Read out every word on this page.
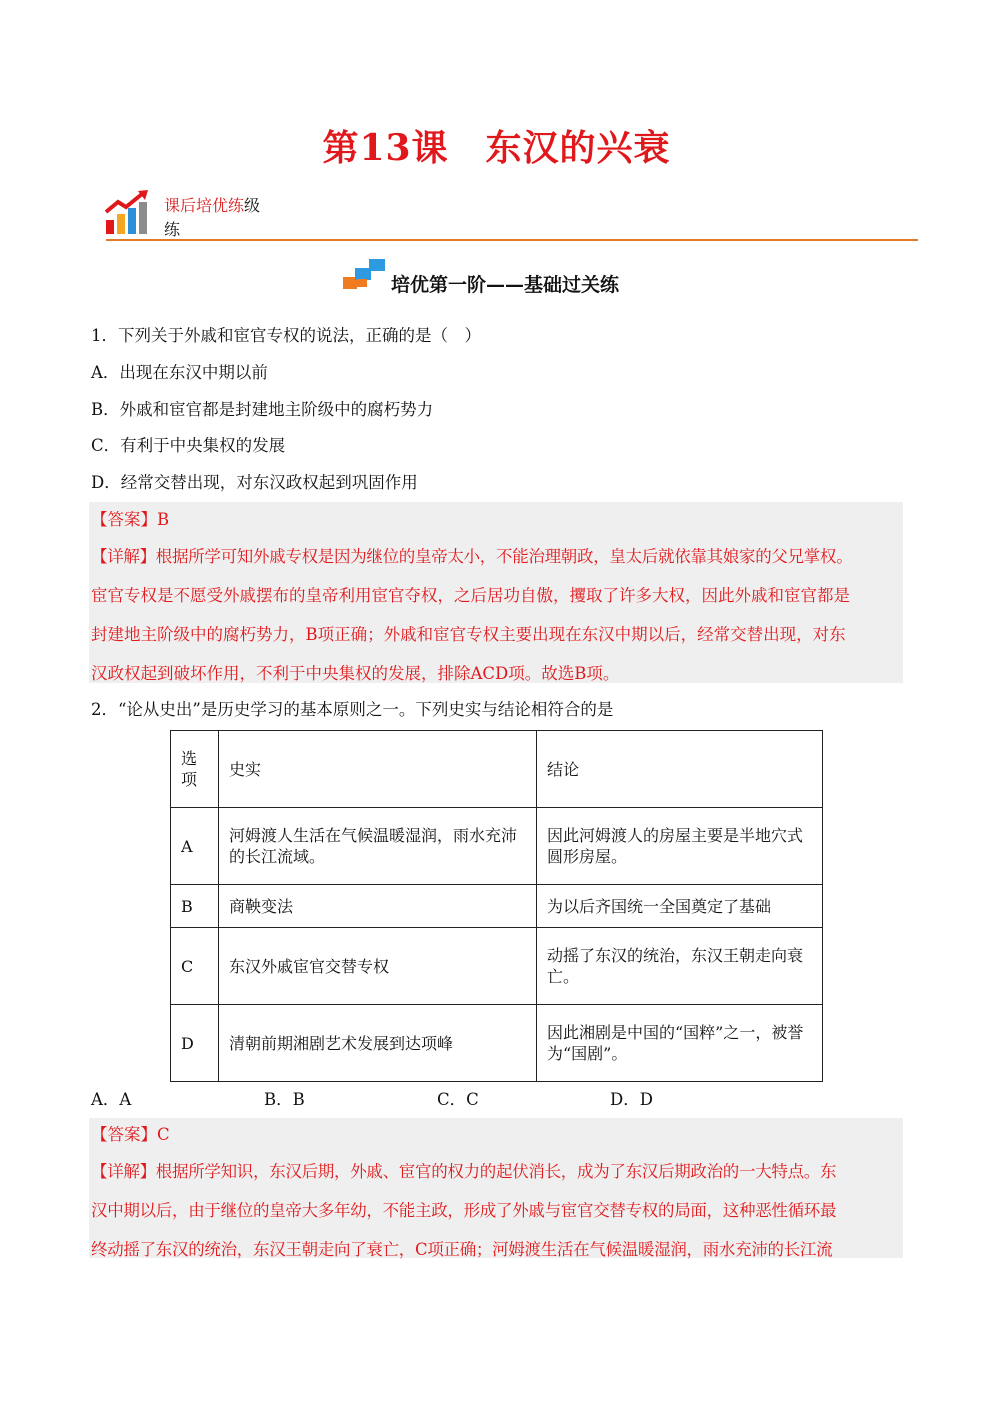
第13课　东汉的兴衰
课后培优练级
练
培优第一阶——基础过关练
1．下列关于外戚和宦官专权的说法，正确的是（　）
A．出现在东汉中期以前
B．外戚和宦官都是封建地主阶级中的腐朽势力
C．有利于中央集权的发展
D．经常交替出现，对东汉政权起到巩固作用
【答案】B
【详解】根据所学可知外戚专权是因为继位的皇帝太小，不能治理朝政，皇太后就依靠其娘家的父兄掌权。
宦官专权是不愿受外戚摆布的皇帝利用宦官夺权，之后居功自傲，攫取了许多大权，因此外戚和宦官都是
封建地主阶级中的腐朽势力，B项正确；外戚和宦官专权主要出现在东汉中期以后，经常交替出现，对东
汉政权起到破坏作用，不利于中央集权的发展，排除ACD项。故选B项。
2．“论从史出”是历史学习的基本原则之一。下列史实与结论相符合的是
选项	史实	结论
A	河姆渡人生活在气候温暖湿润，雨水充沛的长江流域。	因此河姆渡人的房屋主要是半地穴式圆形房屋。
B	商鞅变法	为以后齐国统一全国奠定了基础
C	东汉外戚宦官交替专权	动摇了东汉的统治，东汉王朝走向衰亡。
D	清朝前期湘剧艺术发展到达项峰	因此湘剧是中国的“国粹”之一，被誉为“国剧”。
A．A	B．B	C．C	D．D
【答案】C
【详解】根据所学知识，东汉后期，外戚、宦官的权力的起伏消长，成为了东汉后期政治的一大特点。东
汉中期以后，由于继位的皇帝大多年幼，不能主政，形成了外戚与宦官交替专权的局面，这种恶性循环最
终动摇了东汉的统治，东汉王朝走向了衰亡，C项正确；河姆渡生活在气候温暖湿润，雨水充沛的长江流
